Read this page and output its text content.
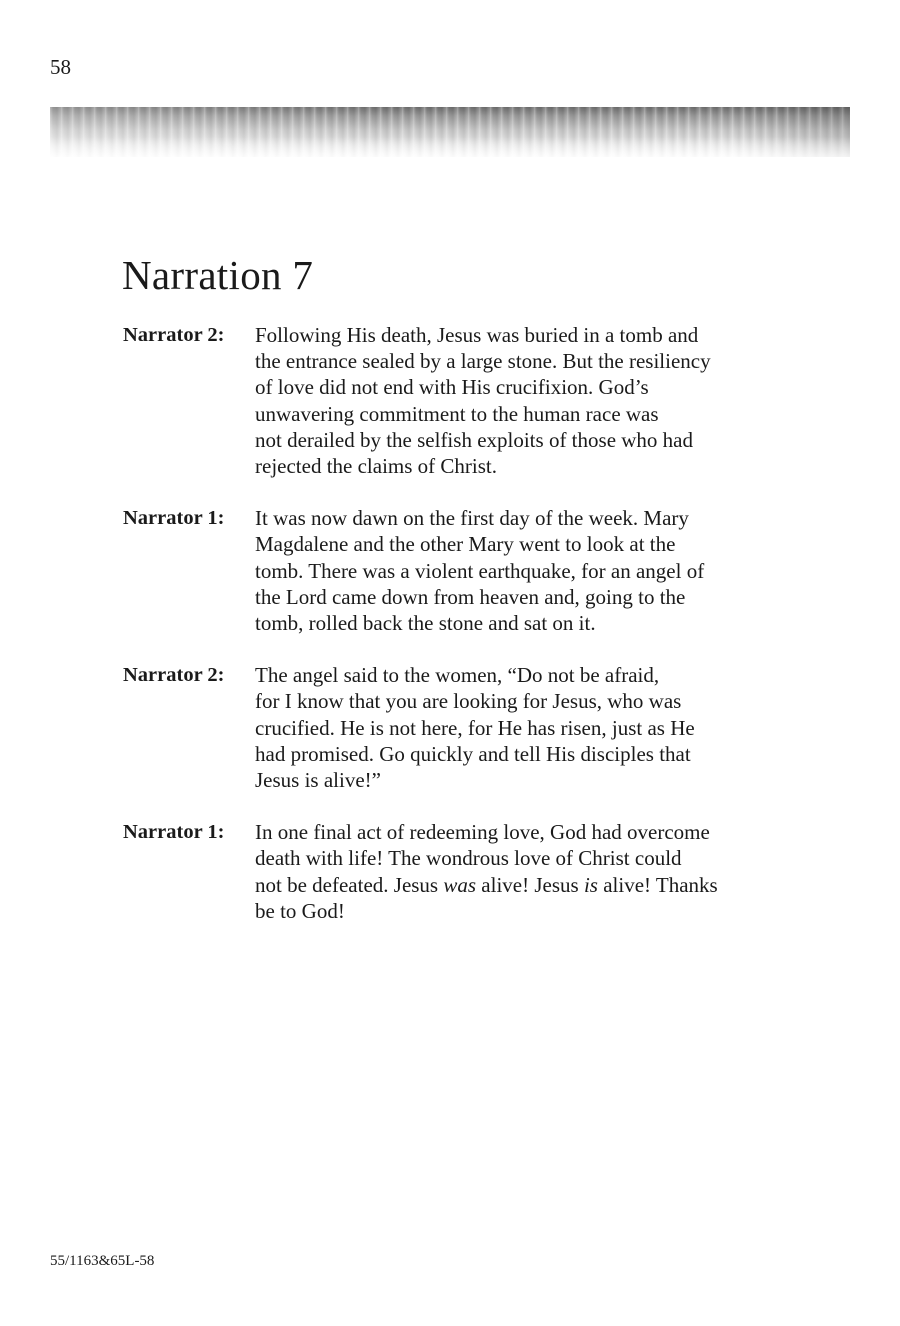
58
Narration 7
Narrator 2:	Following His death, Jesus was buried in a tomb and
the entrance sealed by a large stone. But the resiliency
of love did not end with His crucifixion. God’s
unwavering commitment to the human race was
not derailed by the selfish exploits of those who had
rejected the claims of Christ.
Narrator 1:	It was now dawn on the first day of the week. Mary
Magdalene and the other Mary went to look at the
tomb. There was a violent earthquake, for an angel of
the Lord came down from heaven and, going to the
tomb, rolled back the stone and sat on it.
Narrator 2:	The angel said to the women, “Do not be afraid,
for I know that you are looking for Jesus, who was
crucified. He is not here, for He has risen, just as He
had promised. Go quickly and tell His disciples that
Jesus is alive!”
Narrator 1:	In one final act of redeeming love, God had overcome
death with life! The wondrous love of Christ could
not be defeated. Jesus was alive! Jesus is alive! Thanks
be to God!
55/1163&65L-58
